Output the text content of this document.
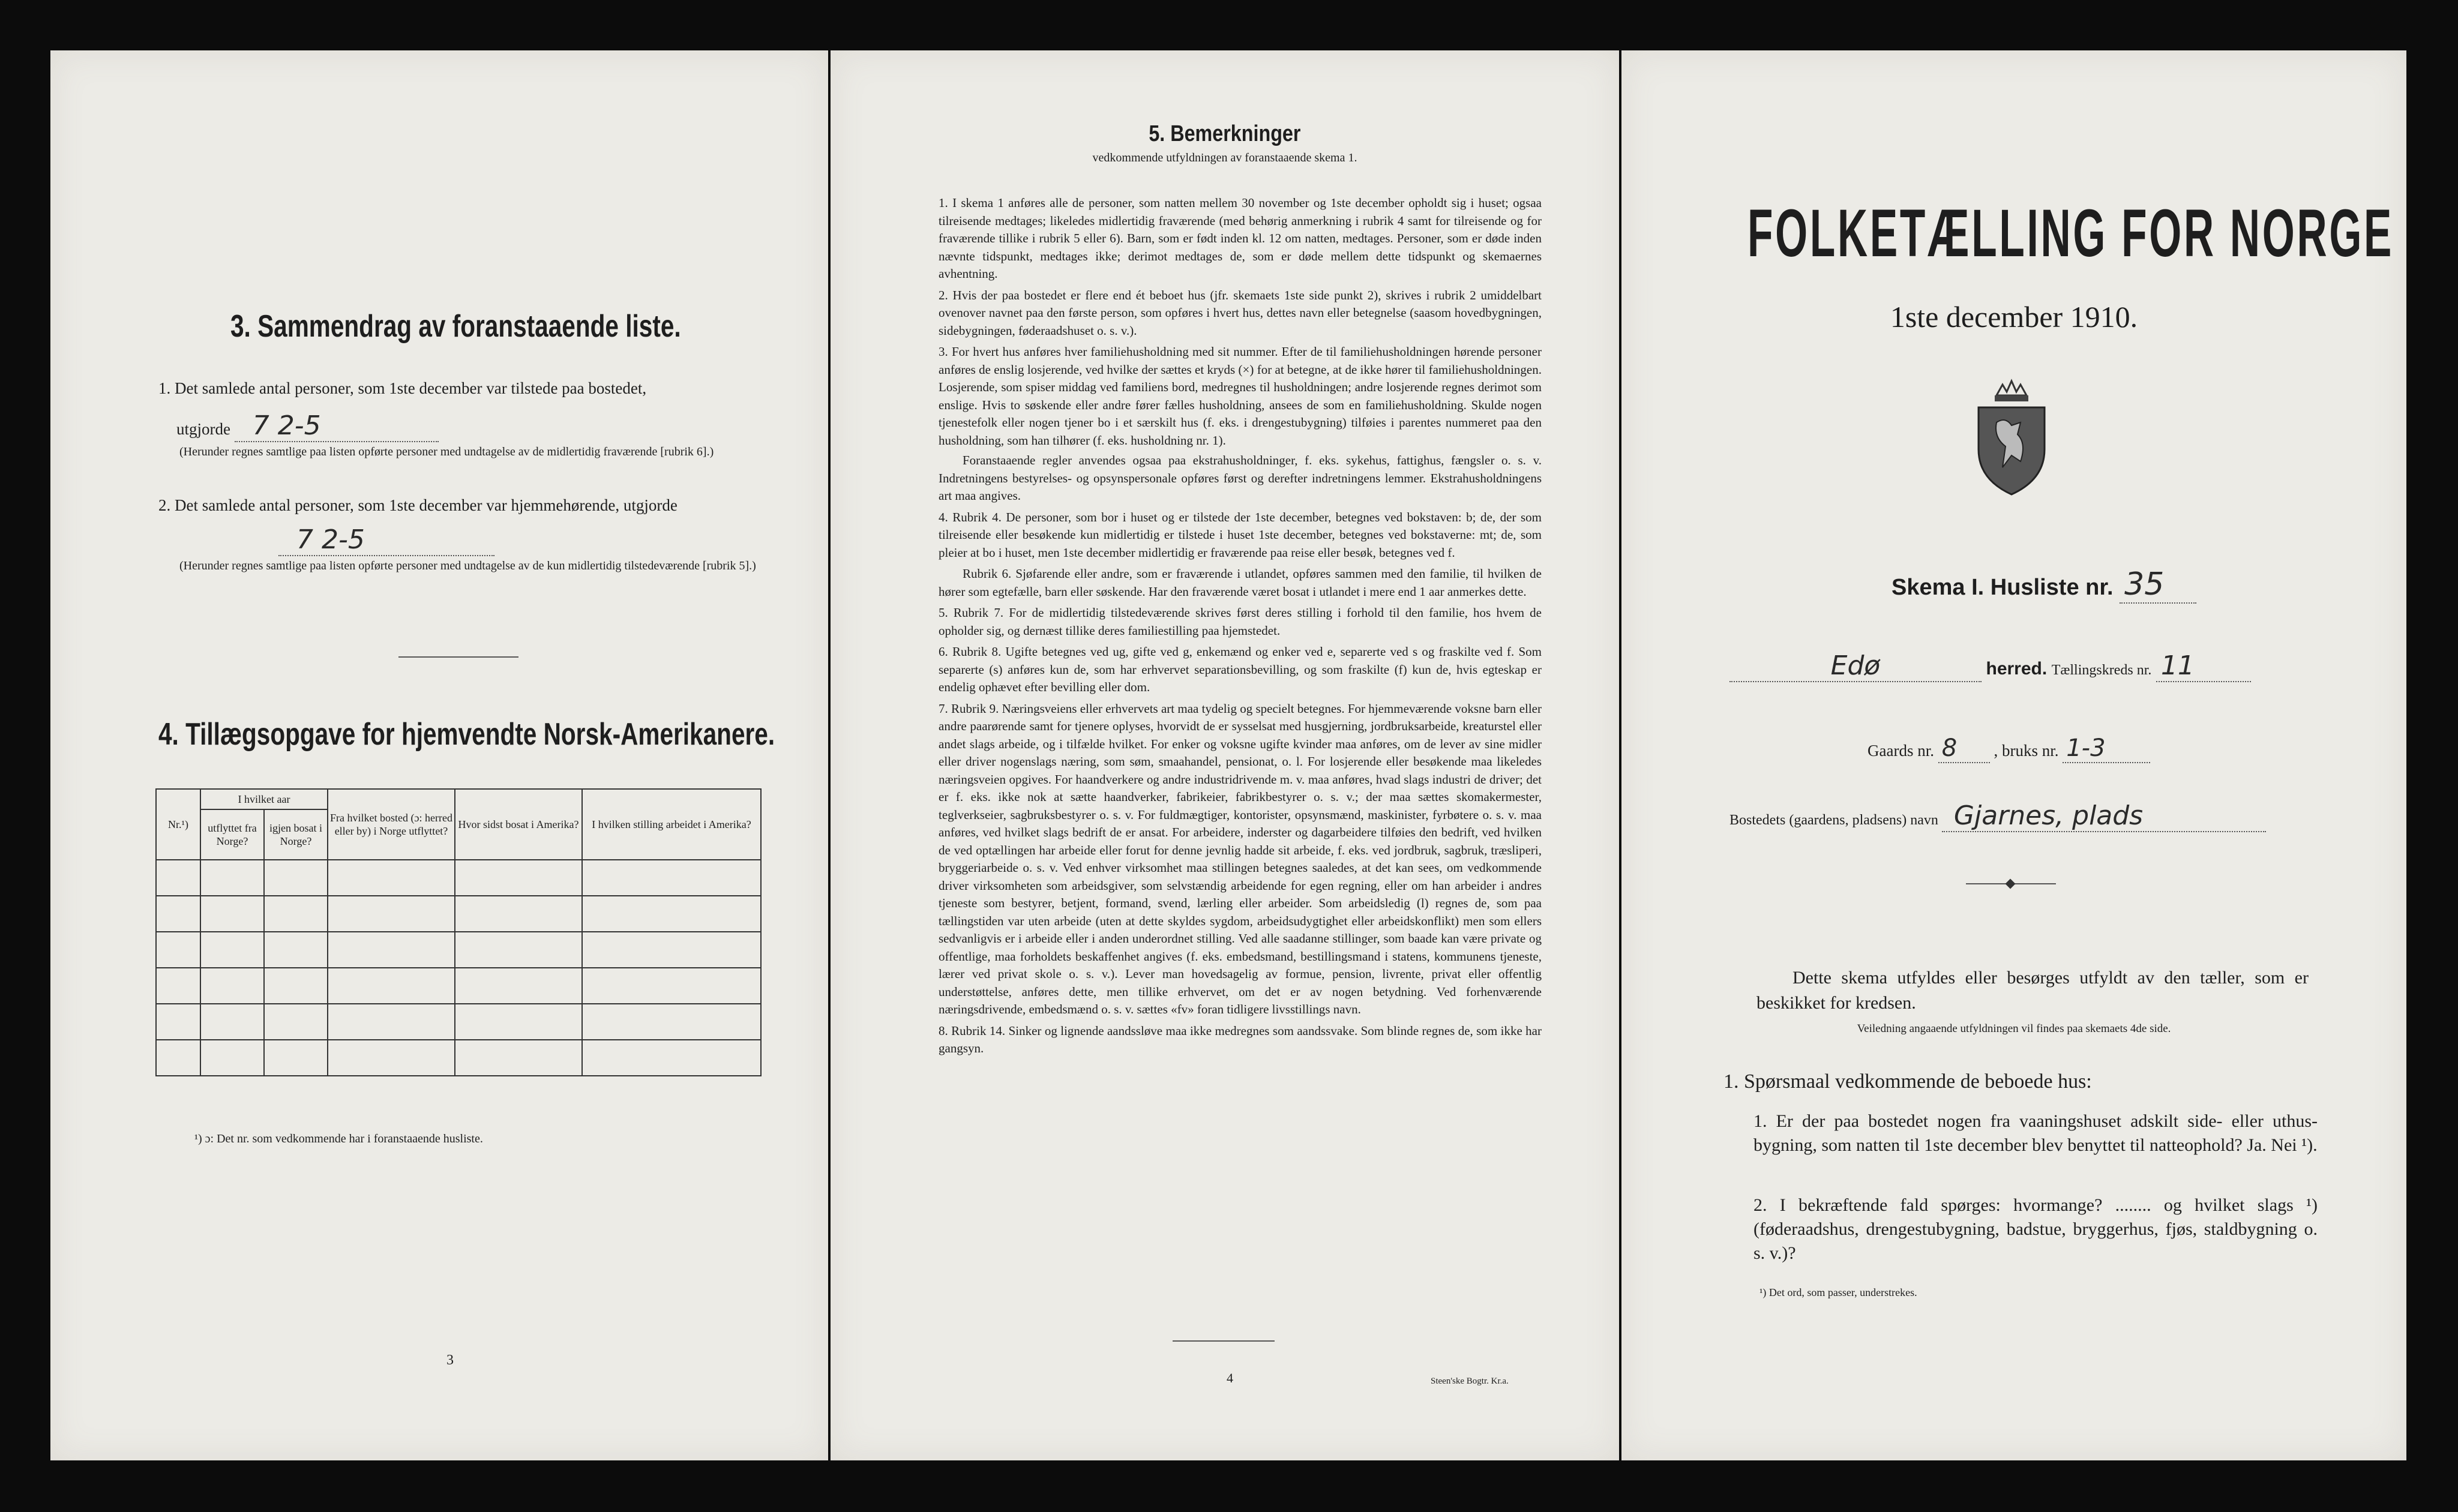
3. Sammendrag av foranstaaende liste.
1. Det samlede antal personer, som 1ste december var tilstede paa bostedet,
utgjorde 7 2-5
(Herunder regnes samtlige paa listen opførte personer med undtagelse av de midlertidig fraværende [rubrik 6].)
2. Det samlede antal personer, som 1ste december var hjemmehørende, utgjorde
7 2-5
(Herunder regnes samtlige paa listen opførte personer med undtagelse av de kun midlertidig tilstedeværende [rubrik 5].)
4. Tillægsopgave for hjemvendte Norsk-Amerikanere.
Nr.¹)	I hvilket aar		Fra hvilket bosted (ɔ: herred eller by) i Norge utflyttet?	Hvor sidst bosat i Amerika?	I hvilken stilling arbeidet i Amerika?
	utflyttet fra Norge?	igjen bosat i Norge?			

¹) ɔ: Det nr. som vedkommende har i foranstaaende husliste.
3
5. Bemerkninger
vedkommende utfyldningen av foranstaaende skema 1.

1. I skema 1 anføres alle de personer, som natten mellem 30 november og 1ste december opholdt sig i huset; ogsaa tilreisende medtages; likeledes midlertidig fraværende (med behørig anmerkning i rubrik 4 samt for tilreisende og for fraværende tillike i rubrik 5 eller 6). Barn, som er født inden kl. 12 om natten, medtages. Personer, som er døde inden nævnte tidspunkt, medtages ikke; derimot medtages de, som er døde mellem dette tidspunkt og skemaernes avhentning.

2. Hvis der paa bostedet er flere end ét beboet hus (jfr. skemaets 1ste side punkt 2), skrives i rubrik 2 umiddelbart ovenover navnet paa den første person, som opføres i hvert hus, dettes navn eller betegnelse (saasom hovedbygningen, sidebygningen, føderaadshuset o. s. v.).

3. For hvert hus anføres hver familiehusholdning med sit nummer. Efter de til familiehusholdningen hørende personer anføres de enslig losjerende, ved hvilke der sættes et kryds (×) for at betegne, at de ikke hører til familiehusholdningen. Losjerende, som spiser middag ved familiens bord, medregnes til husholdningen; andre losjerende regnes derimot som enslige. Hvis to søskende eller andre fører fælles husholdning, ansees de som en familiehusholdning. Skulde nogen tjenestefolk eller nogen tjener bo i et særskilt hus (f. eks. i drengestubygning) tilføies i parentes nummeret paa den husholdning, som han tilhører (f. eks. husholdning nr. 1).

Foranstaaende regler anvendes ogsaa paa ekstrahusholdninger, f. eks. sykehus, fattighus, fængsler o. s. v. Indretningens bestyrelses- og opsynspersonale opføres først og derefter indretningens lemmer. Ekstrahusholdningens art maa angives.

4. Rubrik 4. De personer, som bor i huset og er tilstede der 1ste december, betegnes ved bokstaven: b; de, der som tilreisende eller besøkende kun midlertidig er tilstede i huset 1ste december, betegnes ved bokstaverne: mt; de, som pleier at bo i huset, men 1ste december midlertidig er fraværende paa reise eller besøk, betegnes ved f.

Rubrik 6. Sjøfarende eller andre, som er fraværende i utlandet, opføres sammen med den familie, til hvilken de hører som egtefælle, barn eller søskende. Har den fraværende været bosat i utlandet i mere end 1 aar anmerkes dette.

5. Rubrik 7. For de midlertidig tilstedeværende skrives først deres stilling i forhold til den familie, hos hvem de opholder sig, og dernæst tillike deres familiestilling paa hjemstedet.

6. Rubrik 8. Ugifte betegnes ved ug, gifte ved g, enkemænd og enker ved e, separerte ved s og fraskilte ved f. Som separerte (s) anføres kun de, som har erhvervet separationsbevilling, og som fraskilte (f) kun de, hvis egteskap er endelig ophævet efter bevilling eller dom.

7. Rubrik 9. Næringsveiens eller erhvervets art maa tydelig og specielt betegnes. For hjemmeværende voksne barn eller andre paarørende samt for tjenere oplyses, hvorvidt de er sysselsat med husgjerning, jordbruksarbeide, kreaturstel eller andet slags arbeide, og i tilfælde hvilket. For enker og voksne ugifte kvinder maa anføres, om de lever av sine midler eller driver nogenslags næring, som søm, smaahandel, pensionat, o. l. For losjerende eller besøkende maa likeledes næringsveien opgives. For haandverkere og andre industridrivende m. v. maa anføres, hvad slags industri de driver; det er f. eks. ikke nok at sætte haandverker, fabrikeier, fabrikbestyrer o. s. v.; der maa sættes skomakermester, teglverkseier, sagbruksbestyrer o. s. v. For fuldmægtiger, kontorister, opsynsmænd, maskinister, fyrbøtere o. s. v. maa anføres, ved hvilket slags bedrift de er ansat. For arbeidere, inderster og dagarbeidere tilføies den bedrift, ved hvilken de ved optællingen har arbeide eller forut for denne jevnlig hadde sit arbeide, f. eks. ved jordbruk, sagbruk, træsliperi, bryggeriarbeide o. s. v. Ved enhver virksomhet maa stillingen betegnes saaledes, at det kan sees, om vedkommende driver virksomheten som arbeidsgiver, som selvstændig arbeidende for egen regning, eller om han arbeider i andres tjeneste som bestyrer, betjent, formand, svend, lærling eller arbeider. Som arbeidsledig (l) regnes de, som paa tællingstiden var uten arbeide (uten at dette skyldes sygdom, arbeidsudygtighet eller arbeidskonflikt) men som ellers sedvanligvis er i arbeide eller i anden underordnet stilling. Ved alle saadanne stillinger, som baade kan være private og offentlige, maa forholdets beskaffenhet angives (f. eks. embedsmand, bestillingsmand i statens, kommunens tjeneste, lærer ved privat skole o. s. v.). Lever man hovedsagelig av formue, pension, livrente, privat eller offentlig understøttelse, anføres dette, men tillike erhvervet, om det er av nogen betydning. Ved forhenværende næringsdrivende, embedsmænd o. s. v. sættes «fv» foran tidligere livsstillings navn.

8. Rubrik 14. Sinker og lignende aandssløve maa ikke medregnes som aandssvake. Som blinde regnes de, som ikke har gangsyn.

4	Steen'ske Bogtr. Kr.a.
FOLKETÆLLING FOR NORGE
1ste december 1910.
Skema I. Husliste nr. 35
Edø	herred. Tællingskreds nr. 11
Gaards nr. 8 , bruks nr. 1-3
Bostedets (gaardens, pladsens) navn Gjarnes, plads
Dette skema utfyldes eller besørges utfyldt av den tæller, som er beskikket for kredsen.
Veiledning angaaende utfyldningen vil findes paa skemaets 4de side.
1. Spørsmaal vedkommende de beboede hus:
1. Er der paa bostedet nogen fra vaaningshuset adskilt side- eller uthus-bygning, som natten til 1ste december blev benyttet til natteophold? Ja. Nei ¹).
2. I bekræftende fald spørges: hvormange? ........ og hvilket slags ¹) (føderaadshus, drengestubygning, badstue, bryggerhus, fjøs, staldbygning o. s. v.)?
¹) Det ord, som passer, understrekes.
